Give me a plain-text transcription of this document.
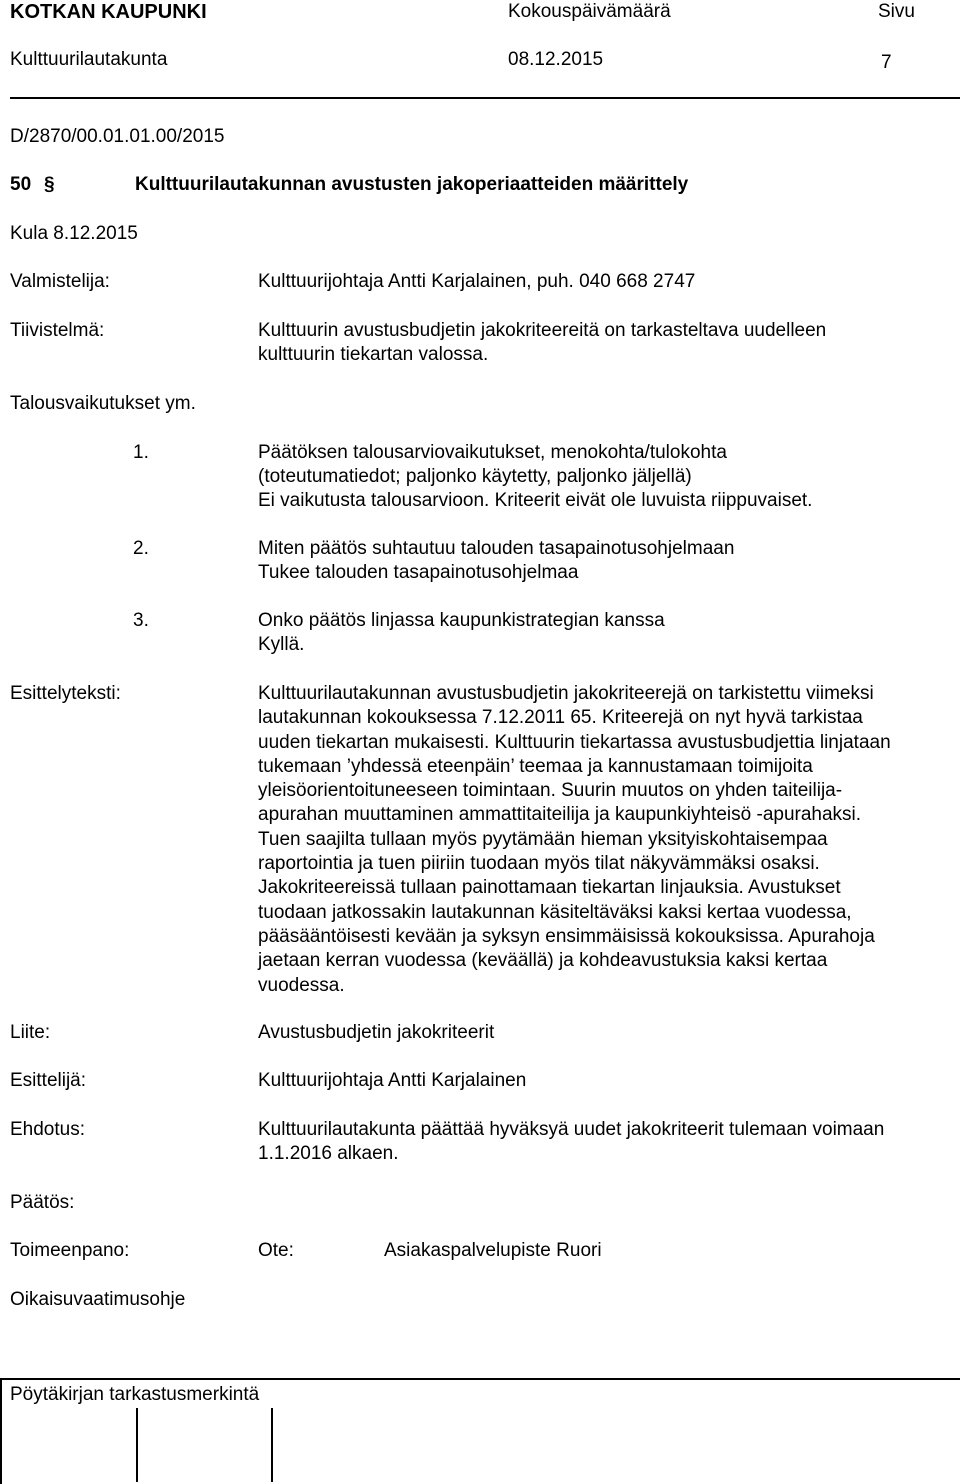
KOTKAN KAUPUNKI	Kokouspäivämäärä	Sivu
Kulttuurilautakunta	08.12.2015	7
D/2870/00.01.01.00/2015
50 §	Kulttuurilautakunnan avustusten jakoperiaatteiden määrittely
Kula 8.12.2015
Valmistelija:	Kulttuurijohtaja Antti Karjalainen, puh. 040 668 2747
Tiivistelmä:	Kulttuurin avustusbudjetin jakokriteereitä on tarkasteltava uudelleen
kulttuurin tiekartan valossa.
Talousvaikutukset ym.
1.	Päätöksen talousarviovaikutukset, menokohta/tulokohta
(toteutumatiedot; paljonko käytetty, paljonko jäljellä)
Ei vaikutusta talousarvioon. Kriteerit eivät ole luvuista riippuvaiset.
2.	Miten päätös suhtautuu talouden tasapainotusohjelmaan
Tukee talouden tasapainotusohjelmaa
3.	Onko päätös linjassa kaupunkistrategian kanssa
Kyllä.
Esittelyteksti:	Kulttuurilautakunnan avustusbudjetin jakokriteerejä on tarkistettu viimeksi
lautakunnan kokouksessa 7.12.2011 65. Kriteerejä on nyt hyvä tarkistaa
uuden tiekartan mukaisesti. Kulttuurin tiekartassa avustusbudjettia linjataan
tukemaan ’yhdessä eteenpäin’ teemaa ja kannustamaan toimijoita
yleisöorientoituneeseen toimintaan. Suurin muutos on yhden taiteilija-
apurahan muuttaminen ammattitaiteilija ja kaupunkiyhteisö -apurahaksi.
Tuen saajilta tullaan myös pyytämään hieman yksityiskohtaisempaa
raportointia ja tuen piiriin tuodaan myös tilat näkyvämmäksi osaksi.
Jakokriteereissä tullaan painottamaan tiekartan linjauksia. Avustukset
tuodaan jatkossakin lautakunnan käsiteltäväksi kaksi kertaa vuodessa,
pääsääntöisesti kevään ja syksyn ensimmäisissä kokouksissa. Apurahoja
jaetaan kerran vuodessa (keväällä) ja kohdeavustuksia kaksi kertaa
vuodessa.
Liite:	Avustusbudjetin jakokriteerit
Esittelijä:	Kulttuurijohtaja Antti Karjalainen
Ehdotus:	Kulttuurilautakunta päättää hyväksyä uudet jakokriteerit tulemaan voimaan
1.1.2016 alkaen.
Päätös:
Toimeenpano:	Ote:	Asiakaspalvelupiste Ruori
Oikaisuvaatimusohje
Pöytäkirjan tarkastusmerkintä
